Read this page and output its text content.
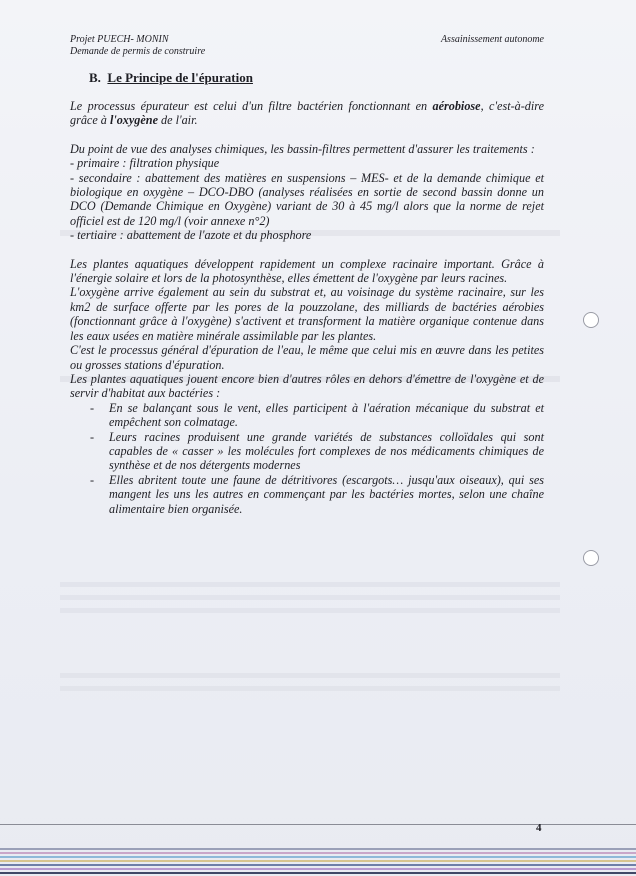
Projet PUECH- MONIN
Demande de permis de construire
Assainissement autonome
B. Le Principe de l'épuration

Le processus épurateur est celui d'un filtre bactérien fonctionnant en aérobiose, c'est-à-dire grâce à l'oxygène de l'air.

Du point de vue des analyses chimiques, les bassin-filtres permettent d'assurer les traitements :

- primaire : filtration physique

- secondaire : abattement des matières en suspensions – MES- et de la demande chimique et biologique en oxygène – DCO-DBO (analyses réalisées en sortie de second bassin donne un DCO (Demande Chimique en Oxygène) variant de 30 à 45 mg/l alors que la norme de rejet officiel est de 120 mg/l (voir annexe n°2)

- tertiaire : abattement de l'azote et du phosphore

Les plantes aquatiques développent rapidement un complexe racinaire important. Grâce à l'énergie solaire et lors de la photosynthèse, elles émettent de l'oxygène par leurs racines.

L'oxygène arrive également au sein du substrat et, au voisinage du système racinaire, sur les km2 de surface offerte par les pores de la pouzzolane, des milliards de bactéries aérobies (fonctionnant grâce à l'oxygène) s'activent et transforment la matière organique contenue dans les eaux usées en matière minérale assimilable par les plantes.

C'est le processus général d'épuration de l'eau, le même que celui mis en œuvre dans les petites ou grosses stations d'épuration.

Les plantes aquatiques jouent encore bien d'autres rôles en dehors d'émettre de l'oxygène et de servir d'habitat aux bactéries :

- En se balançant sous le vent, elles participent à l'aération mécanique du substrat et empêchent son colmatage.
- Leurs racines produisent une grande variétés de substances colloïdales qui sont capables de « casser » les molécules fort complexes de nos médicaments chimiques de synthèse et de nos détergents modernes
- Elles abritent toute une faune de détritivores (escargots… jusqu'aux oiseaux), qui ses mangent les uns les autres en commençant par les bactéries mortes, selon une chaîne alimentaire bien organisée.
4
